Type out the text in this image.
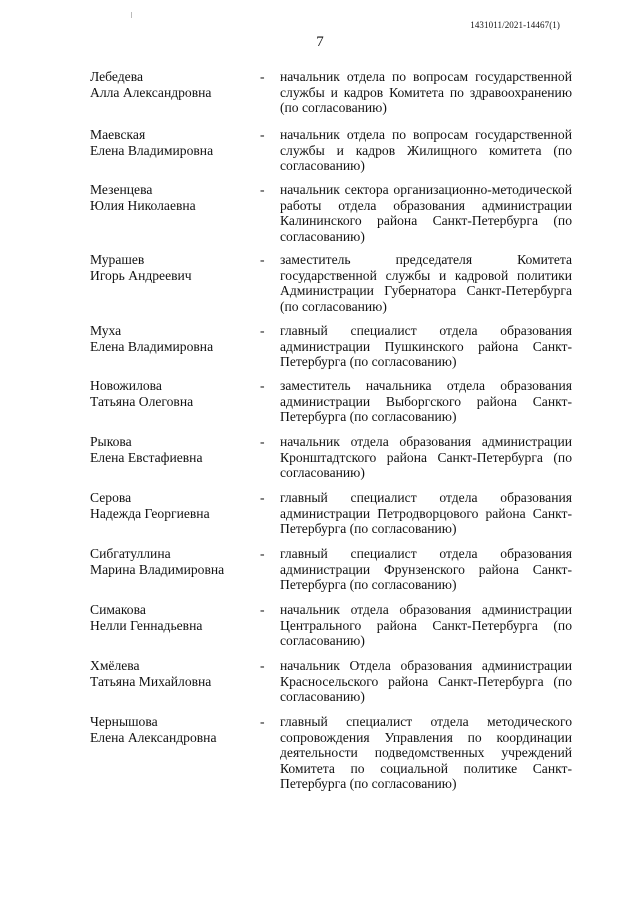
1431011/2021-14467(1)
7
Лебедева
Алла Александровна
-	начальник отдела по вопросам государственной службы и кадров Комитета по здравоохранению (по согласованию)
Маевская
Елена Владимировна
-	начальник отдела по вопросам государственной службы и кадров Жилищного комитета (по согласованию)
Мезенцева
Юлия Николаевна
-	начальник сектора организационно-методической работы отдела образования администрации Калининского района Санкт-Петербурга (по согласованию)
Мурашев
Игорь Андреевич
-	заместитель председателя Комитета государственной службы и кадровой политики Администрации Губернатора Санкт-Петербурга (по согласованию)
Муха
Елена Владимировна
-	главный специалист отдела образования администрации Пушкинского района Санкт-Петербурга (по согласованию)
Новожилова
Татьяна Олеговна
-	заместитель начальника отдела образования администрации Выборгского района Санкт-Петербурга (по согласованию)
Рыкова
Елена Евстафиевна
-	начальник отдела образования администрации Кронштадтского района Санкт-Петербурга (по согласованию)
Серова
Надежда Георгиевна
-	главный специалист отдела образования администрации Петродворцового района Санкт-Петербурга (по согласованию)
Сибгатуллина
Марина Владимировна
-	главный специалист отдела образования администрации Фрунзенского района Санкт-Петербурга (по согласованию)
Симакова
Нелли Геннадьевна
-	начальник отдела образования администрации Центрального района Санкт-Петербурга (по согласованию)
Хмёлева
Татьяна Михайловна
-	начальник Отдела образования администрации Красносельского района Санкт-Петербурга (по согласованию)
Чернышова
Елена Александровна
-	главный специалист отдела методического сопровождения Управления по координации деятельности подведомственных учреждений Комитета по социальной политике Санкт-Петербурга (по согласованию)
